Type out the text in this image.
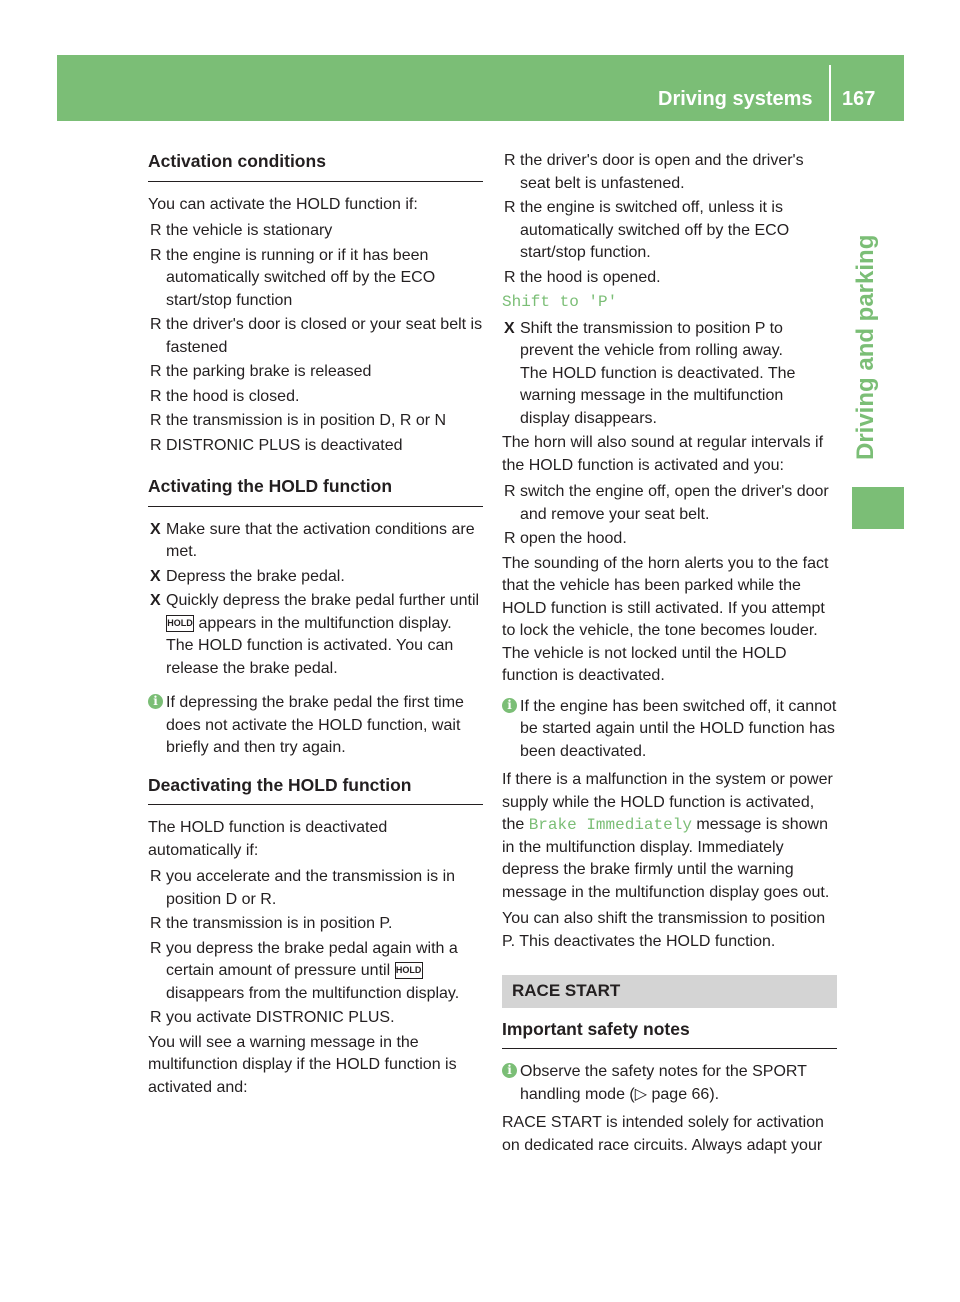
Driving systems 167
Driving and parking
Activation conditions
You can activate the HOLD function if:
R the vehicle is stationary
R the engine is running or if it has been automatically switched off by the ECO start/stop function
R the driver's door is closed or your seat belt is fastened
R the parking brake is released
R the hood is closed.
R the transmission is in position D, R or N
R DISTRONIC PLUS is deactivated
Activating the HOLD function
X Make sure that the activation conditions are met.
X Depress the brake pedal.
X Quickly depress the brake pedal further until HOLD appears in the multifunction display.
The HOLD function is activated. You can release the brake pedal.
i If depressing the brake pedal the first time does not activate the HOLD function, wait briefly and then try again.
Deactivating the HOLD function
The HOLD function is deactivated automatically if:
R you accelerate and the transmission is in position D or R.
R the transmission is in position P.
R you depress the brake pedal again with a certain amount of pressure until HOLD disappears from the multifunction display.
R you activate DISTRONIC PLUS.
You will see a warning message in the multifunction display if the HOLD function is activated and:
R the driver's door is open and the driver's seat belt is unfastened.
R the engine is switched off, unless it is automatically switched off by the ECO start/stop function.
R the hood is opened.
Shift to 'P'
X Shift the transmission to position P to prevent the vehicle from rolling away.
The HOLD function is deactivated. The warning message in the multifunction display disappears.
The horn will also sound at regular intervals if the HOLD function is activated and you:
R switch the engine off, open the driver's door and remove your seat belt.
R open the hood.
The sounding of the horn alerts you to the fact that the vehicle has been parked while the HOLD function is still activated. If you attempt to lock the vehicle, the tone becomes louder. The vehicle is not locked until the HOLD function is deactivated.
i If the engine has been switched off, it cannot be started again until the HOLD function has been deactivated.
If there is a malfunction in the system or power supply while the HOLD function is activated, the Brake Immediately message is shown in the multifunction display. Immediately depress the brake firmly until the warning message in the multifunction display goes out.
You can also shift the transmission to position P. This deactivates the HOLD function.
RACE START
Important safety notes
i Observe the safety notes for the SPORT handling mode (▷ page 66).
RACE START is intended solely for activation on dedicated race circuits. Always adapt your
